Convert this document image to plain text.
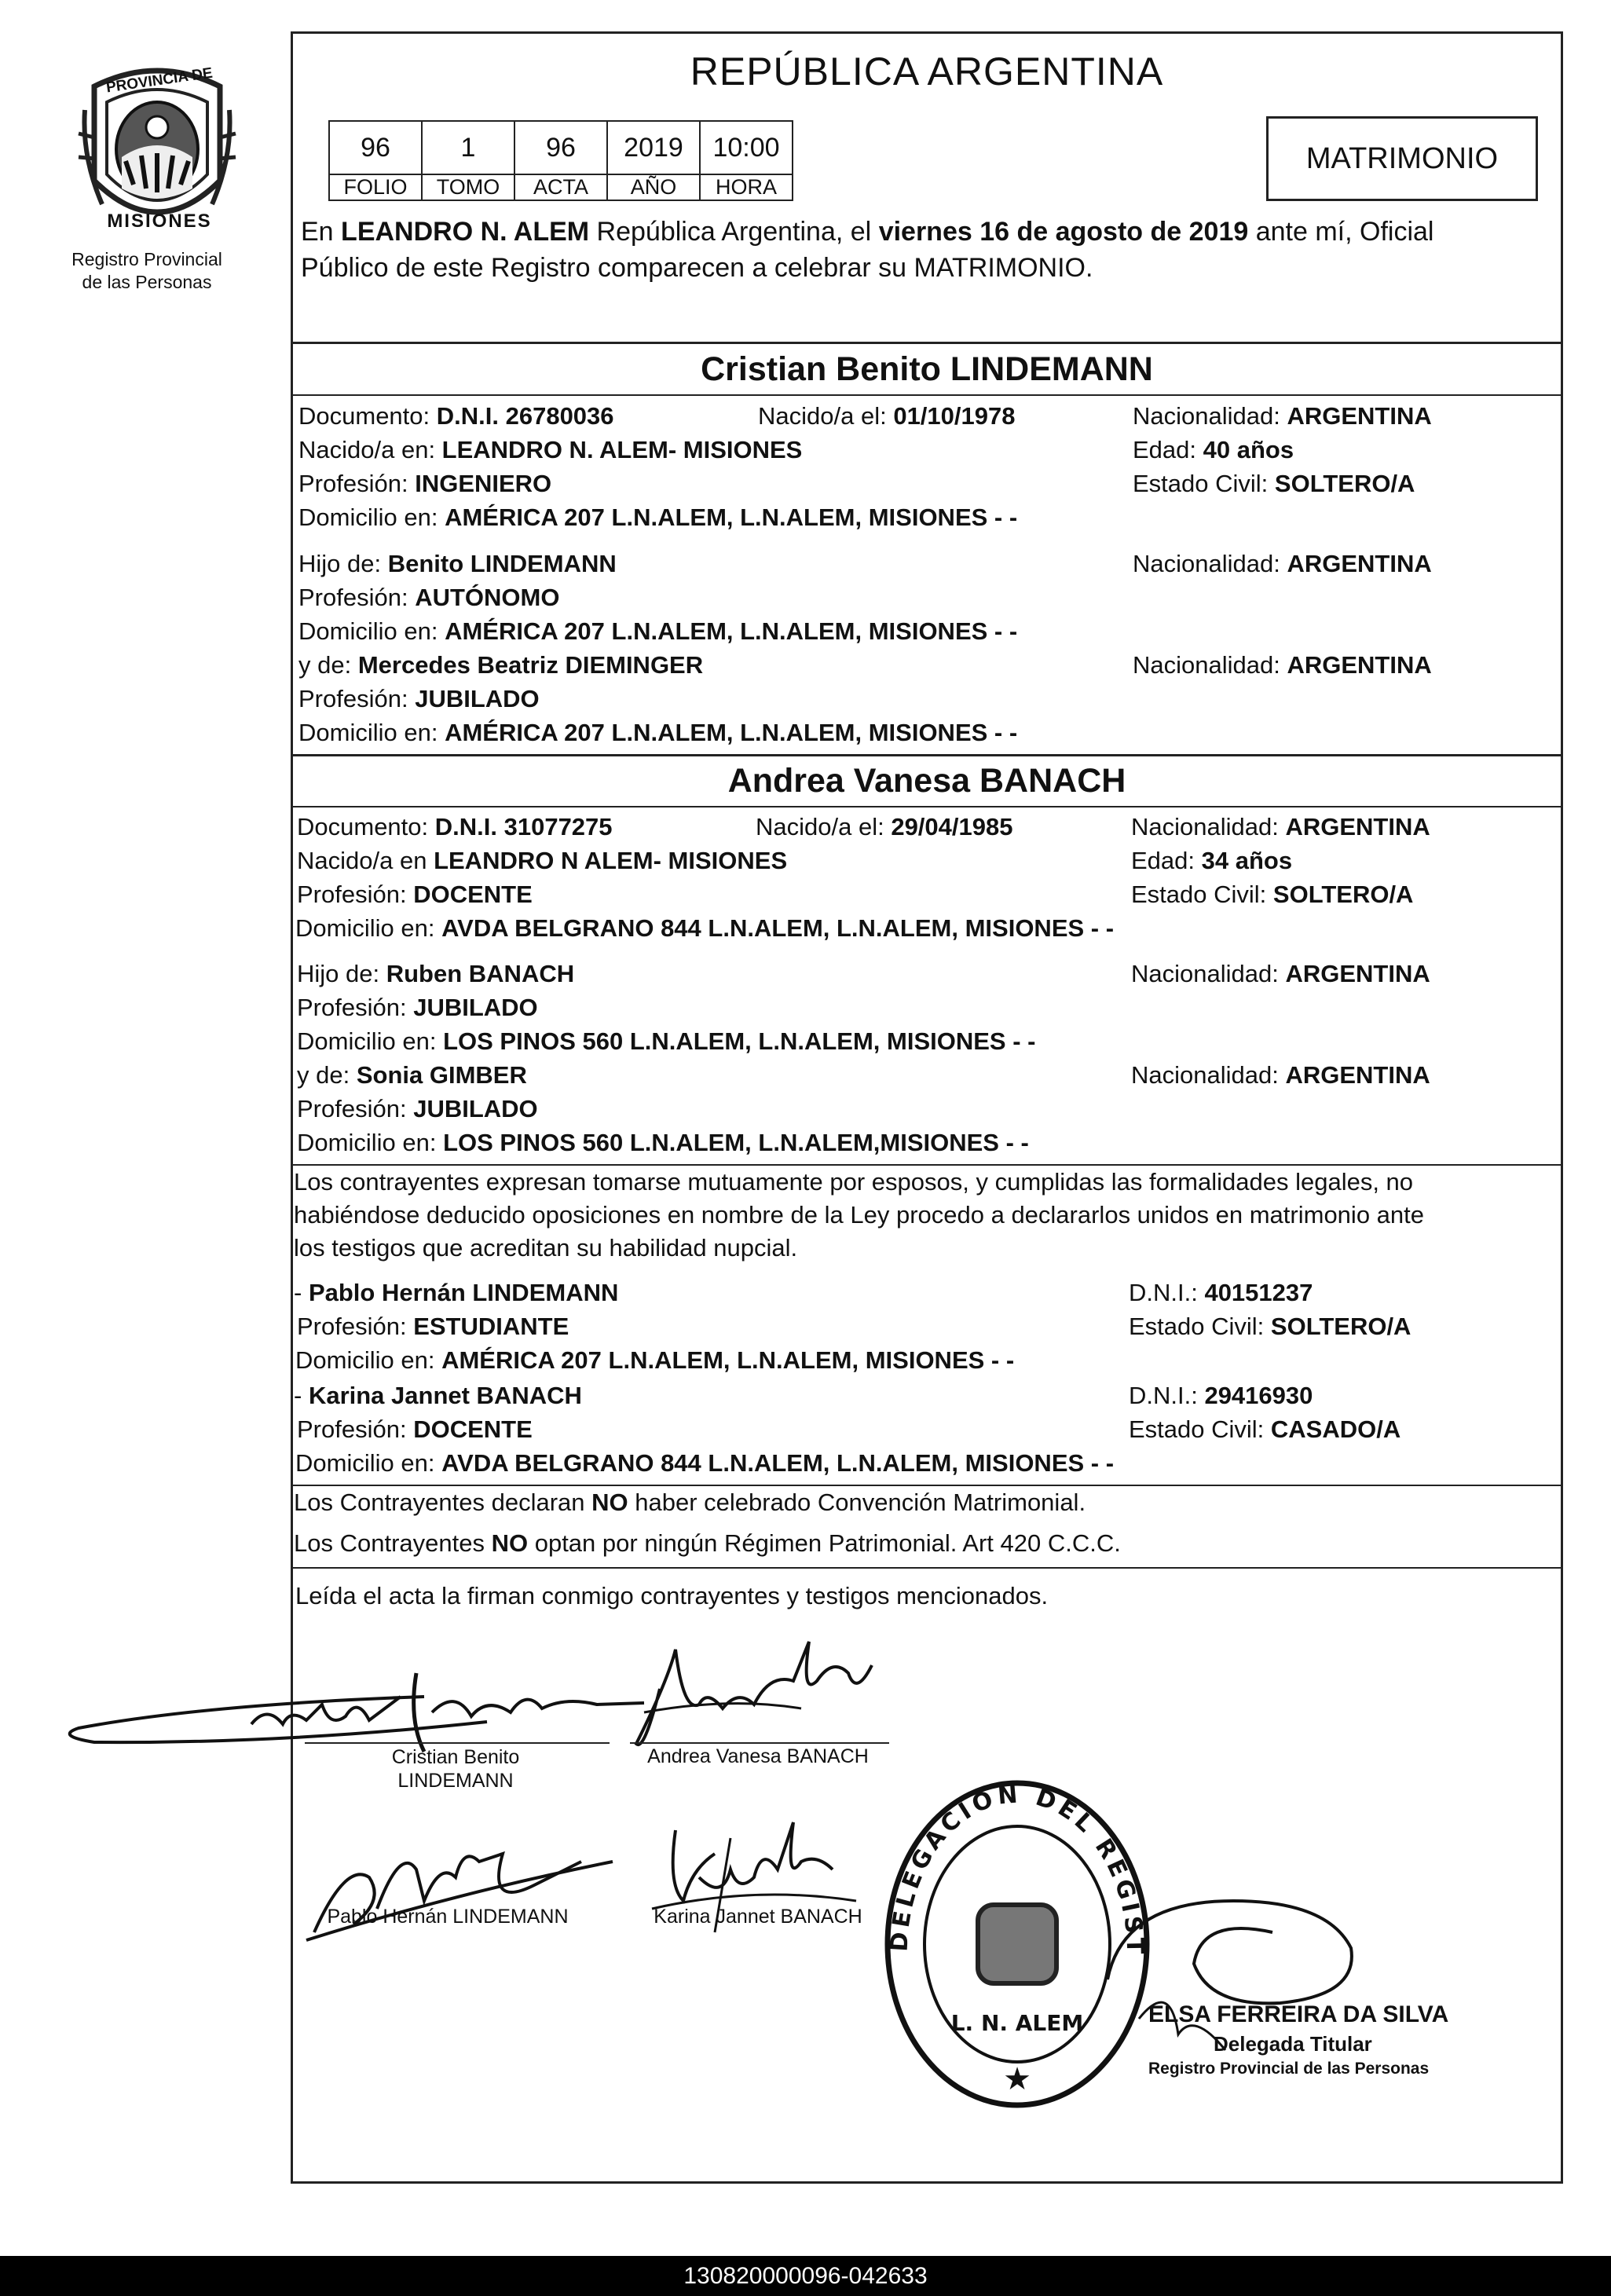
PROVINCIA DE
MISIONES
Registro Provincial
de las Personas
REPÚBLICA ARGENTINA
96	1	96	2019	10:00
FOLIO	TOMO	ACTA	AÑO	HORA
MATRIMONIO
En LEANDRO N. ALEM República Argentina, el viernes 16 de agosto de 2019 ante mí, Oficial
Público de este Registro comparecen a celebrar su MATRIMONIO.
Cristian Benito LINDEMANN
Documento: D.N.I. 26780036	Nacido/a el: 01/10/1978	Nacionalidad: ARGENTINA
Nacido/a en: LEANDRO N. ALEM- MISIONES	Edad: 40 años
Profesión: INGENIERO	Estado Civil: SOLTERO/A
Domicilio en: AMÉRICA 207 L.N.ALEM, L.N.ALEM, MISIONES - -
Hijo de: Benito LINDEMANN	Nacionalidad: ARGENTINA
Profesión: AUTÓNOMO
Domicilio en: AMÉRICA 207 L.N.ALEM, L.N.ALEM, MISIONES - -
y de: Mercedes Beatriz DIEMINGER	Nacionalidad: ARGENTINA
Profesión: JUBILADO
Domicilio en: AMÉRICA 207 L.N.ALEM, L.N.ALEM, MISIONES - -
Andrea Vanesa BANACH
Documento: D.N.I. 31077275	Nacido/a el: 29/04/1985	Nacionalidad: ARGENTINA
Nacido/a en LEANDRO N ALEM- MISIONES	Edad: 34 años
Profesión: DOCENTE	Estado Civil: SOLTERO/A
Domicilio en: AVDA BELGRANO 844 L.N.ALEM, L.N.ALEM, MISIONES - -
Hijo de: Ruben BANACH	Nacionalidad: ARGENTINA
Profesión: JUBILADO
Domicilio en: LOS PINOS 560 L.N.ALEM, L.N.ALEM, MISIONES - -
y de: Sonia GIMBER	Nacionalidad: ARGENTINA
Profesión: JUBILADO
Domicilio en: LOS PINOS 560 L.N.ALEM, L.N.ALEM,MISIONES - -
Los contrayentes expresan tomarse mutuamente por esposos, y cumplidas las formalidades legales, no
habiéndose deducido oposiciones en nombre de la Ley procedo a declararlos unidos en matrimonio ante
los testigos que acreditan su habilidad nupcial.
- Pablo Hernán LINDEMANN	D.N.I.: 40151237
Profesión: ESTUDIANTE	Estado Civil: SOLTERO/A
Domicilio en: AMÉRICA 207 L.N.ALEM, L.N.ALEM, MISIONES - -
- Karina Jannet BANACH	D.N.I.: 29416930
Profesión: DOCENTE	Estado Civil: CASADO/A
Domicilio en: AVDA BELGRANO 844 L.N.ALEM, L.N.ALEM, MISIONES - -
Los Contrayentes declaran NO haber celebrado Convención Matrimonial.
Los Contrayentes NO optan por ningún Régimen Patrimonial. Art 420 C.C.C.
Leída el acta la firman conmigo contrayentes y testigos mencionados.
Cristian Benito
LINDEMANN
Andrea Vanesa BANACH
Pablo Hernán LINDEMANN	Karina Jannet BANACH
DELEGACION DEL REGISTRO PROVINCIAL DE LAS PERSONAS
L. N. ALEM
★
ELSA FERREIRA DA SILVA
Delegada Titular
Registro Provincial de las Personas
130820000096-042633
